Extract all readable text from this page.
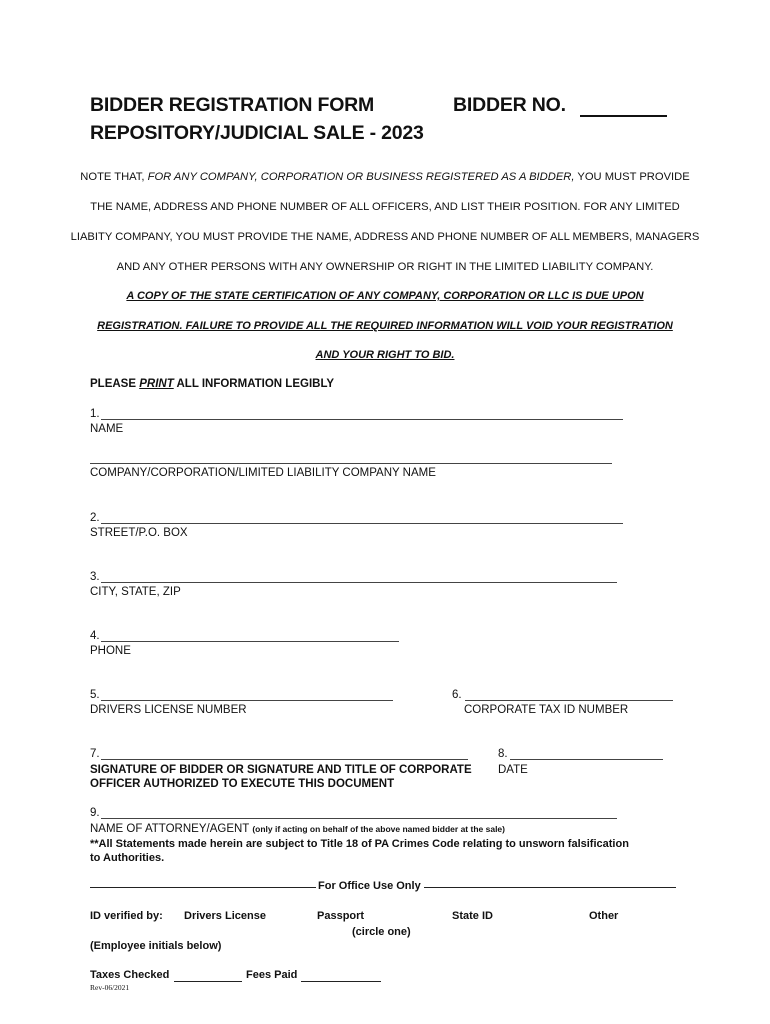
BIDDER REGISTRATION FORM	BIDDER NO.
REPOSITORY/JUDICIAL SALE - 2023
NOTE THAT, FOR ANY COMPANY, CORPORATION OR BUSINESS REGISTERED AS A BIDDER, YOU MUST PROVIDE
THE NAME, ADDRESS AND PHONE NUMBER OF ALL OFFICERS, AND LIST THEIR POSITION. FOR ANY LIMITED
LIABITY COMPANY, YOU MUST PROVIDE THE NAME, ADDRESS AND PHONE NUMBER OF ALL MEMBERS, MANAGERS
AND ANY OTHER PERSONS WITH ANY OWNERSHIP OR RIGHT IN THE LIMITED LIABILITY COMPANY.
A COPY OF THE STATE CERTIFICATION OF ANY COMPANY, CORPORATION OR LLC IS DUE UPON
REGISTRATION. FAILURE TO PROVIDE ALL THE REQUIRED INFORMATION WILL VOID YOUR REGISTRATION
AND YOUR RIGHT TO BID.
PLEASE PRINT ALL INFORMATION LEGIBLY
1.
NAME
COMPANY/CORPORATION/LIMITED LIABILITY COMPANY NAME
2.
STREET/P.O. BOX
3.
CITY, STATE, ZIP
4.
PHONE
5.
DRIVERS LICENSE NUMBER
6.
CORPORATE TAX ID NUMBER
7.
SIGNATURE OF BIDDER OR SIGNATURE AND TITLE OF CORPORATE
OFFICER AUTHORIZED TO EXECUTE THIS DOCUMENT
8.
DATE
9.
NAME OF ATTORNEY/AGENT (only if acting on behalf of the above named bidder at the sale)
**All Statements made herein are subject to Title 18 of PA Crimes Code relating to unsworn falsification
to Authorities.
For Office Use Only
ID verified by: Drivers License	Passport	State ID	Other
(circle one)
(Employee initials below)
Taxes Checked	Fees Paid
Rev-06/2021
